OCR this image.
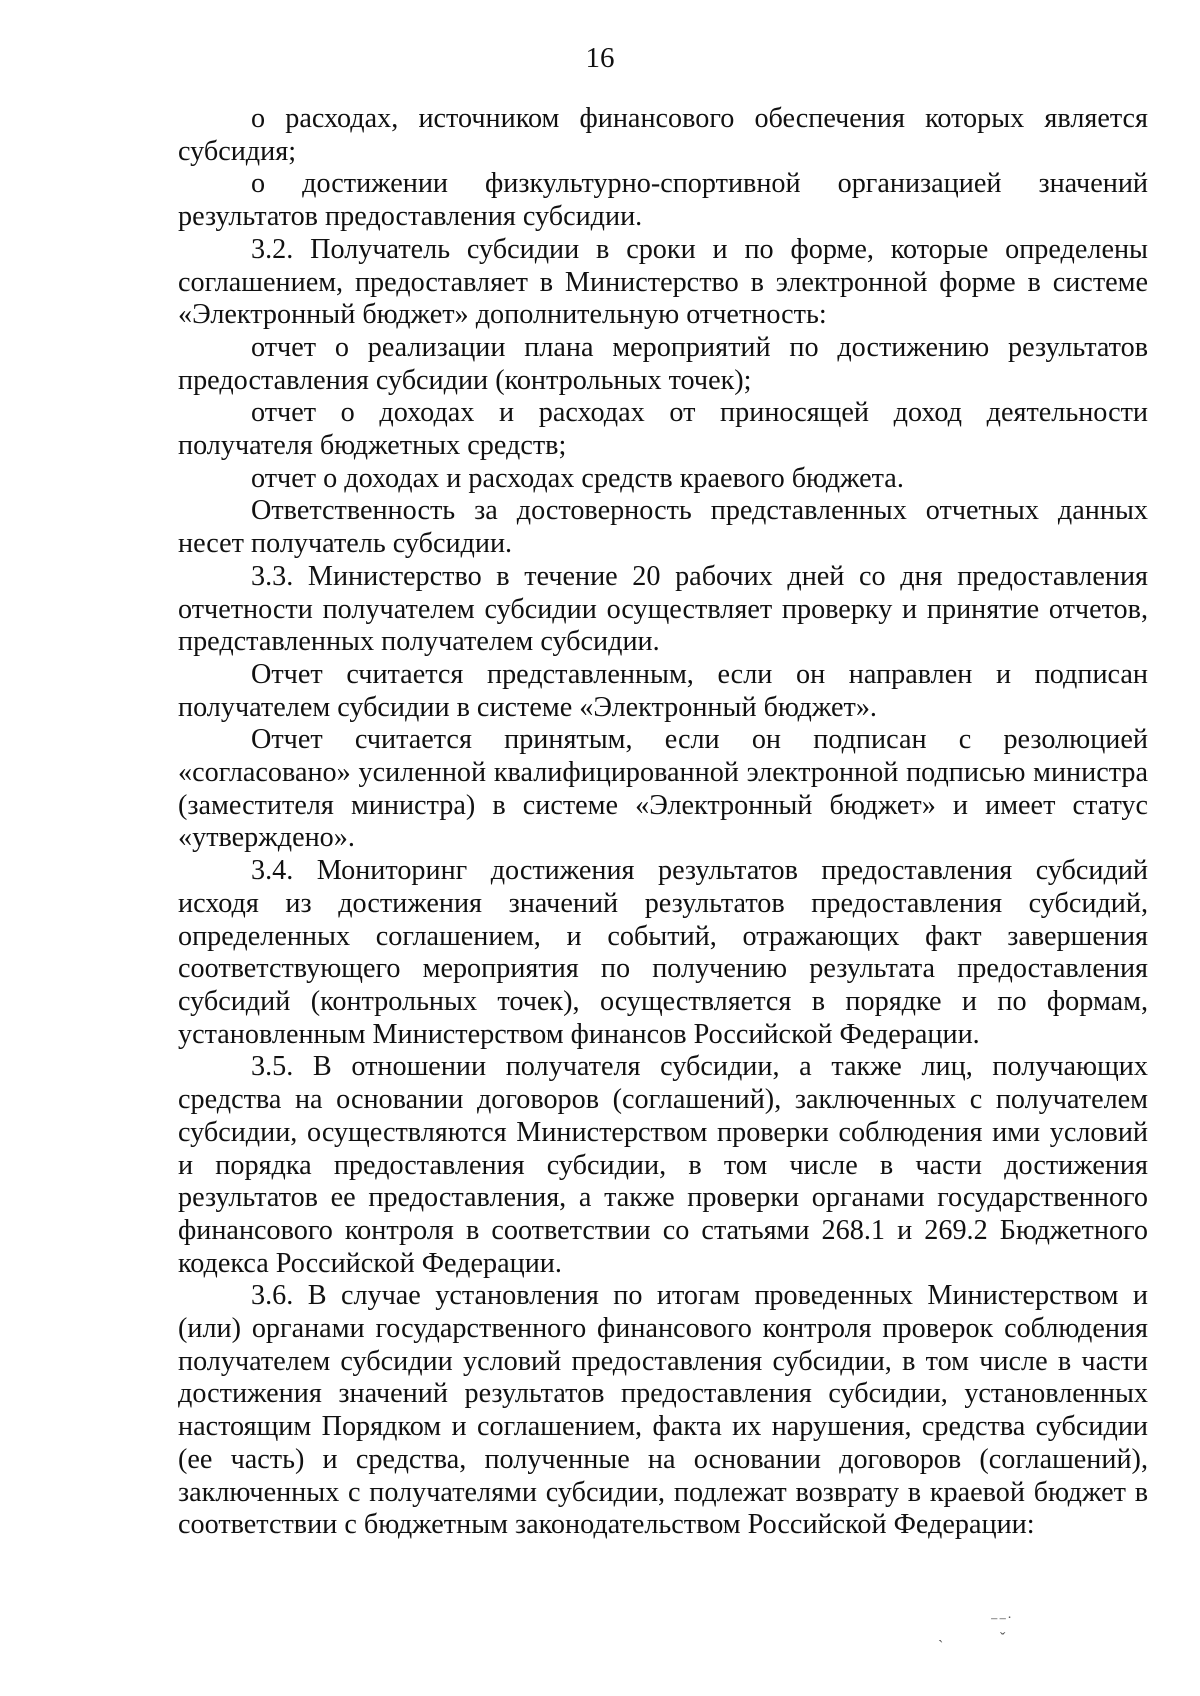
16

о расходах, источником финансового обеспечения которых является субсидия;

о достижении физкультурно-спортивной организацией значений результатов предоставления субсидии.

3.2. Получатель субсидии в сроки и по форме, которые определены соглашением, предоставляет в Министерство в электронной форме в системе «Электронный бюджет» дополнительную отчетность:

отчет о реализации плана мероприятий по достижению результатов предоставления субсидии (контрольных точек);

отчет о доходах и расходах от приносящей доход деятельности получателя бюджетных средств;

отчет о доходах и расходах средств краевого бюджета.

Ответственность за достоверность представленных отчетных данных несет получатель субсидии.

3.3. Министерство в течение 20 рабочих дней со дня предоставления отчетности получателем субсидии осуществляет проверку и принятие отчетов, представленных получателем субсидии.

Отчет считается представленным, если он направлен и подписан получателем субсидии в системе «Электронный бюджет».

Отчет считается принятым, если он подписан с резолюцией «согласовано» усиленной квалифицированной электронной подписью министра (заместителя министра) в системе «Электронный бюджет» и имеет статус «утверждено».

3.4. Мониторинг достижения результатов предоставления субсидий исходя из достижения значений результатов предоставления субсидий, определенных соглашением, и событий, отражающих факт завершения соответствующего мероприятия по получению результата предоставления субсидий (контрольных точек), осуществляется в порядке и по формам, установленным Министерством финансов Российской Федерации.

3.5. В отношении получателя субсидии, а также лиц, получающих средства на основании договоров (соглашений), заключенных с получателем субсидии, осуществляются Министерством проверки соблюдения ими условий и порядка предоставления субсидии, в том числе в части достижения результатов ее предоставления, а также проверки органами государственного финансового контроля в соответствии со статьями 268.1 и 269.2 Бюджетного кодекса Российской Федерации.

3.6. В случае установления по итогам проведенных Министерством и (или) органами государственного финансового контроля проверок соблюдения получателем субсидии условий предоставления субсидии, в том числе в части достижения значений результатов предоставления субсидии, установленных настоящим Порядком и соглашением, факта их нарушения, средства субсидии (ее часть) и средства, полученные на основании договоров (соглашений), заключенных с получателями субсидии, подлежат возврату в краевой бюджет в соответствии с бюджетным законодательством Российской Федерации:

ˎ
⁻⁻˙
ˇ
